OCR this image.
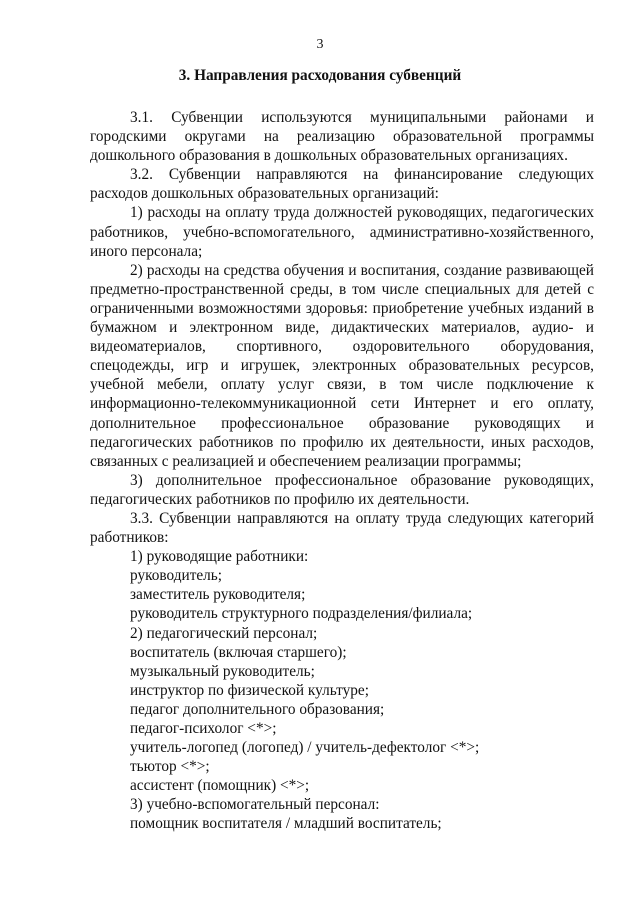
3
3. Направления расходования субвенций

3.1. Субвенции используются муниципальными районами и городскими округами на реализацию образовательной программы дошкольного образования в дошкольных образовательных организациях.

3.2. Субвенции направляются на финансирование следующих расходов дошкольных образовательных организаций:

1) расходы на оплату труда должностей руководящих, педагогических работников, учебно-вспомогательного, административно-хозяйственного, иного персонала;

2) расходы на средства обучения и воспитания, создание развивающей предметно-пространственной среды, в том числе специальных для детей с ограниченными возможностями здоровья: приобретение учебных изданий в бумажном и электронном виде, дидактических материалов, аудио- и видеоматериалов, спортивного, оздоровительного оборудования, спецодежды, игр и игрушек, электронных образовательных ресурсов, учебной мебели, оплату услуг связи, в том числе подключение к информационно-телекоммуникационной сети Интернет и его оплату, дополнительное профессиональное образование руководящих и педагогических работников по профилю их деятельности, иных расходов, связанных с реализацией и обеспечением реализации программы;

3) дополнительное профессиональное образование руководящих, педагогических работников по профилю их деятельности.

3.3. Субвенции направляются на оплату труда следующих категорий работников:

1) руководящие работники:
руководитель;
заместитель руководителя;
руководитель структурного подразделения/филиала;
2) педагогический персонал;
воспитатель (включая старшего);
музыкальный руководитель;
инструктор по физической культуре;
педагог дополнительного образования;
педагог-психолог <*>;
учитель-логопед (логопед) / учитель-дефектолог <*>;
тьютор <*>;
ассистент (помощник) <*>;
3) учебно-вспомогательный персонал:
помощник воспитателя / младший воспитатель;
